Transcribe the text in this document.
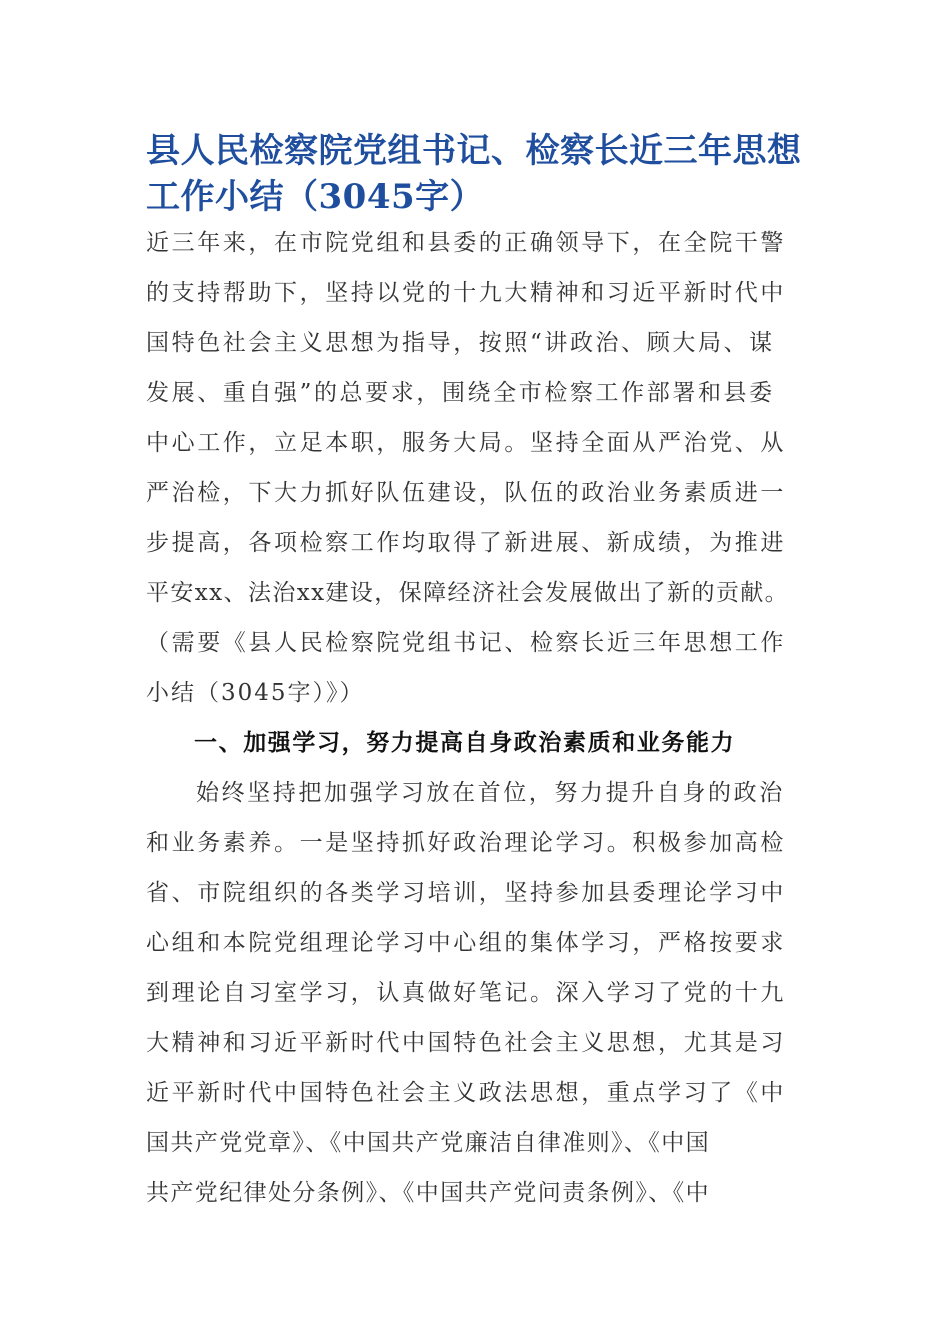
县人民检察院党组书记、检察长近三年思想
工作小结（3045字）
近三年来，在市院党组和县委的正确领导下，在全院干警
的支持帮助下，坚持以党的十九大精神和习近平新时代中
国特色社会主义思想为指导，按照“讲政治、顾大局、谋
发展、重自强”的总要求，围绕全市检察工作部署和县委
中心工作，立足本职，服务大局。坚持全面从严治党、从
严治检，下大力抓好队伍建设，队伍的政治业务素质进一
步提高，各项检察工作均取得了新进展、新成绩，为推进
平安xx、法治xx建设，保障经济社会发展做出了新的贡献。
（需要《县人民检察院党组书记、检察长近三年思想工作
小结（3045字）》）
一、加强学习，努力提高自身政治素质和业务能力
始终坚持把加强学习放在首位，努力提升自身的政治
和业务素养。一是坚持抓好政治理论学习。积极参加高检
省、市院组织的各类学习培训，坚持参加县委理论学习中
心组和本院党组理论学习中心组的集体学习，严格按要求
到理论自习室学习，认真做好笔记。深入学习了党的十九
大精神和习近平新时代中国特色社会主义思想，尤其是习
近平新时代中国特色社会主义政法思想，重点学习了《中
国共产党党章》、《中国共产党廉洁自律准则》、《中国
共产党纪律处分条例》、《中国共产党问责条例》、《中
